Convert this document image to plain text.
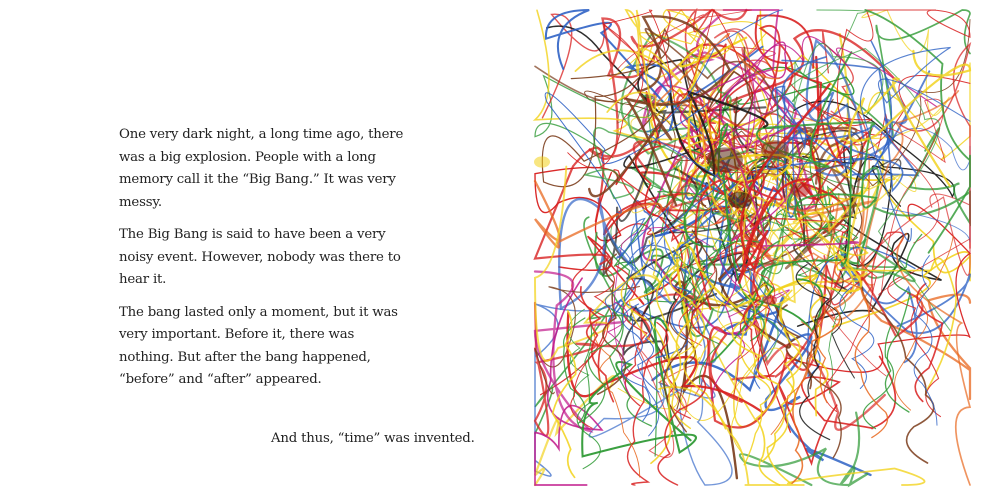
One very dark night, a long time ago, there was a big explosion. People with a long memory call it the “Big Bang.” It was very messy.

The Big Bang is said to have been a very noisy event. However, nobody was there to hear it.

The bang lasted only a moment, but it was very important. Before it, there was nothing. But after the bang happened, “before” and “after” appeared.

And thus, “time” was invented.
